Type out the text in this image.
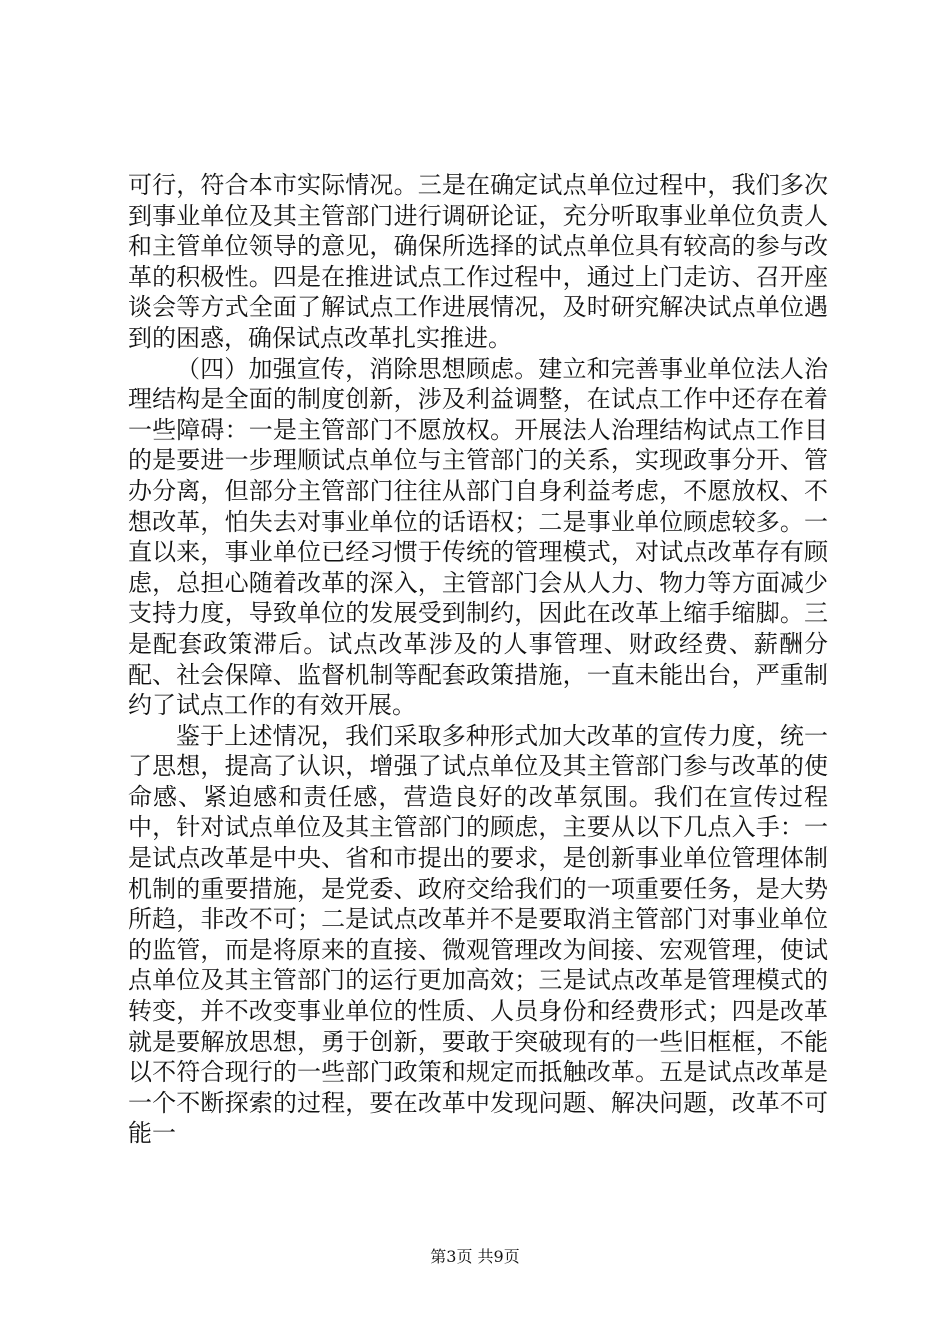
可行，符合本市实际情况。三是在确定试点单位过程中，我们多次到事业单位及其主管部门进行调研论证，充分听取事业单位负责人和主管单位领导的意见，确保所选择的试点单位具有较高的参与改革的积极性。四是在推进试点工作过程中，通过上门走访、召开座谈会等方式全面了解试点工作进展情况，及时研究解决试点单位遇到的困惑，确保试点改革扎实推进。

（四）加强宣传，消除思想顾虑。建立和完善事业单位法人治理结构是全面的制度创新，涉及利益调整，在试点工作中还存在着一些障碍：一是主管部门不愿放权。开展法人治理结构试点工作目的是要进一步理顺试点单位与主管部门的关系，实现政事分开、管办分离，但部分主管部门往往从部门自身利益考虑，不愿放权、不想改革，怕失去对事业单位的话语权；二是事业单位顾虑较多。一直以来，事业单位已经习惯于传统的管理模式，对试点改革存有顾虑，总担心随着改革的深入，主管部门会从人力、物力等方面减少支持力度，导致单位的发展受到制约，因此在改革上缩手缩脚。三是配套政策滞后。试点改革涉及的人事管理、财政经费、薪酬分配、社会保障、监督机制等配套政策措施，一直未能出台，严重制约了试点工作的有效开展。

鉴于上述情况，我们采取多种形式加大改革的宣传力度，统一了思想，提高了认识，增强了试点单位及其主管部门参与改革的使命感、紧迫感和责任感，营造良好的改革氛围。我们在宣传过程中，针对试点单位及其主管部门的顾虑，主要从以下几点入手：一是试点改革是中央、省和市提出的要求，是创新事业单位管理体制机制的重要措施，是党委、政府交给我们的一项重要任务，是大势所趋，非改不可；二是试点改革并不是要取消主管部门对事业单位的监管，而是将原来的直接、微观管理改为间接、宏观管理，使试点单位及其主管部门的运行更加高效；三是试点改革是管理模式的转变，并不改变事业单位的性质、人员身份和经费形式；四是改革就是要解放思想，勇于创新，要敢于突破现有的一些旧框框，不能以不符合现行的一些部门政策和规定而抵触改革。五是试点改革是一个不断探索的过程，要在改革中发现问题、解决问题，改革不可能一

第3页 共9页
